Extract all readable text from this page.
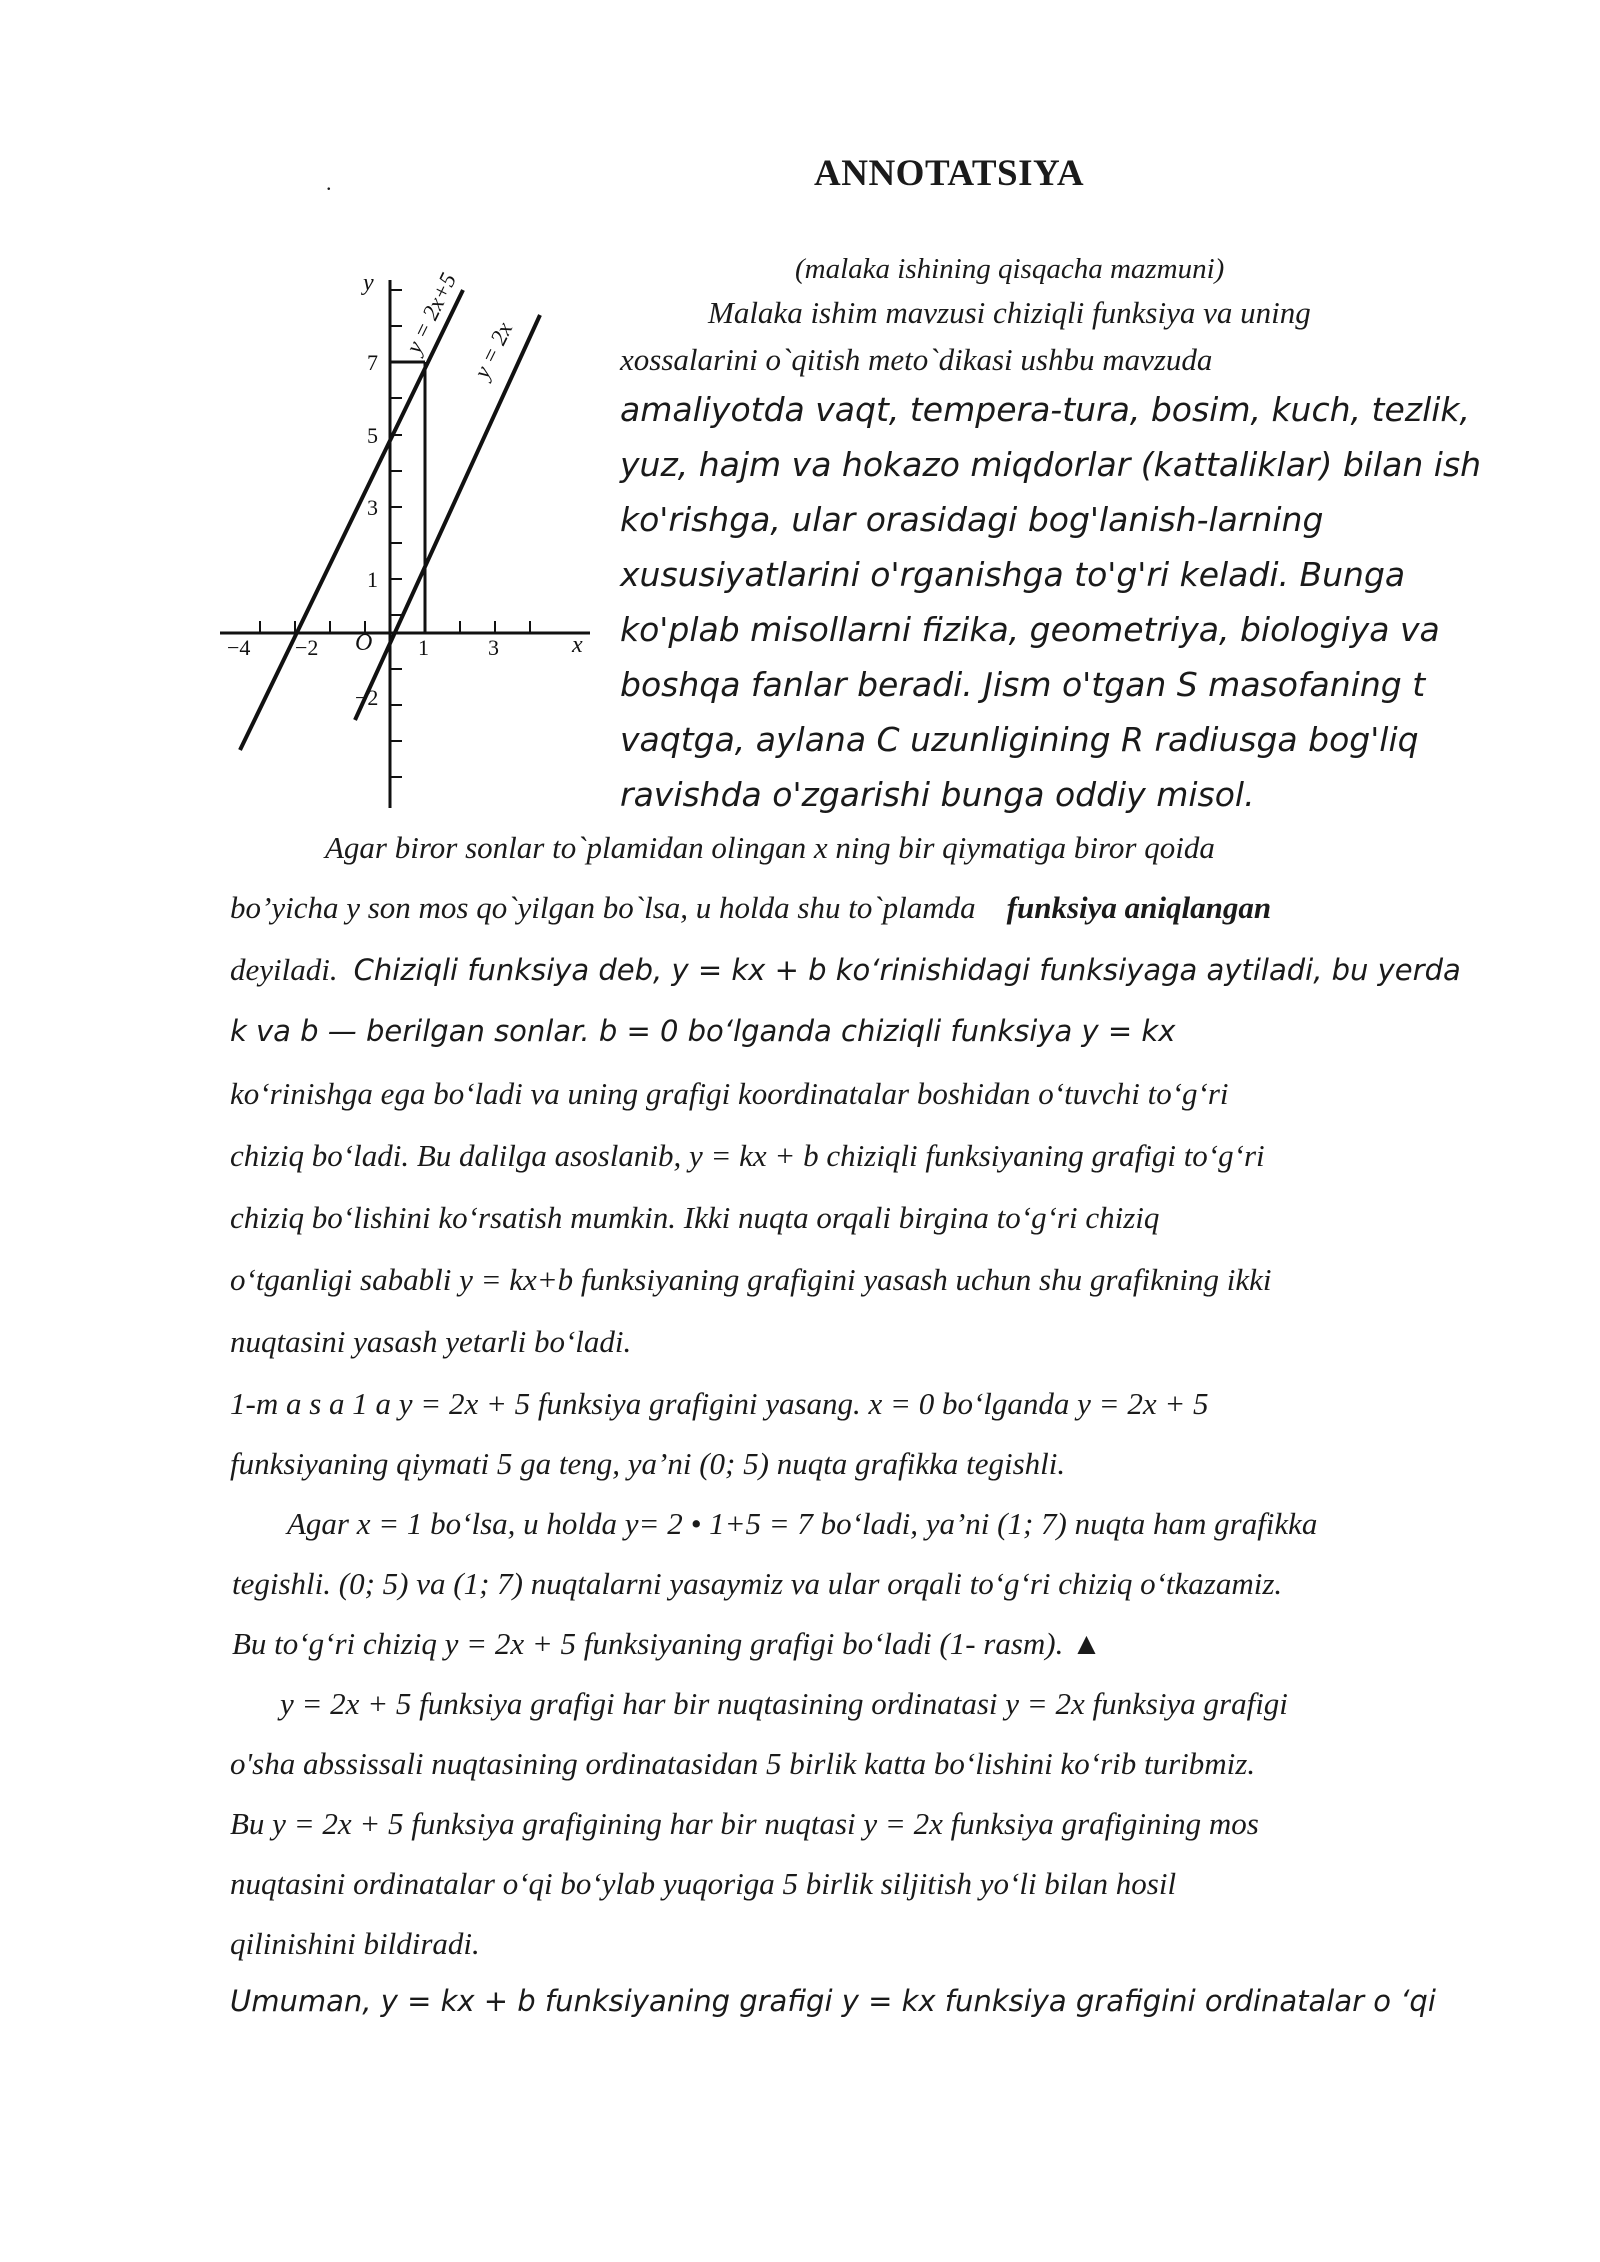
.	ANNOTATSIYA
(malaka ishining qisqacha mazmuni)
y
x
O
7
5
3
1
−2
−4 −2	1	3
y = 2x+5 y = 2x
Malaka ishim mavzusi chiziqli funksiya va uning
xossalarini o`qitish meto`dikasi ushbu mavzuda
amaliyotda vaqt, tempera-tura, bosim, kuch, tezlik,
yuz, hajm va hokazo miqdorlar (kattaliklar) bilan ish
ko'rishga, ular orasidagi bog'lanish-larning
xususiyatlarini o'rganishga to'g'ri keladi. Bunga
ko'plab misollarni fizika, geometriya, biologiya va
boshqa fanlar beradi. Jism o'tgan S masofaning t
vaqtga, aylana C uzunligining R radiusga bog'liq
ravishda o'zgarishi bunga oddiy misol.
Agar biror sonlar to`plamidan olingan x ning bir qiymatiga biror qoida
bo’yicha y son mos qo`yilgan bo`lsa, u holda shu to`plamda funksiya aniqlangan
deyiladi. Chiziqli funksiya deb, y = kx + b ko‘rinishidagi funksiyaga aytiladi, bu yerda
k va b — berilgan sonlar. b = 0 bo‘lganda chiziqli funksiya y = kx
ko‘rinishga ega bo‘ladi va uning grafigi koordinatalar boshidan o‘tuvchi to‘g‘ri
chiziq bo‘ladi. Bu dalilga asoslanib, y = kx + b chiziqli funksiyaning grafigi to‘g‘ri
chiziq bo‘lishini ko‘rsatish mumkin. Ikki nuqta orqali birgina to‘g‘ri chiziq
o‘tganligi sababli y = kx+b funksiyaning grafigini yasash uchun shu grafikning ikki
nuqtasini yasash yetarli bo‘ladi.
1-m a s a 1 a y = 2x + 5 funksiya grafigini yasang. x = 0 bo‘lganda y = 2x + 5
funksiyaning qiymati 5 ga teng, ya’ni (0; 5) nuqta grafikka tegishli.
Agar x = 1 bo‘lsa, u holda y= 2 • 1+5 = 7 bo‘ladi, ya’ni (1; 7) nuqta ham grafikka
tegishli. (0; 5) va (1; 7) nuqtalarni yasaymiz va ular orqali to‘g‘ri chiziq o‘tkazamiz.
Bu to‘g‘ri chiziq y = 2x + 5 funksiyaning grafigi bo‘ladi (1- rasm). ▲
y = 2x + 5 funksiya grafigi har bir nuqtasining ordinatasi y = 2x funksiya grafigi
o'sha abssissali nuqtasining ordinatasidan 5 birlik katta bo‘lishini ko‘rib turibmiz.
Bu y = 2x + 5 funksiya grafigining har bir nuqtasi y = 2x funksiya grafigining mos
nuqtasini ordinatalar o‘qi bo‘ylab yuqoriga 5 birlik siljitish yo‘li bilan hosil
qilinishini bildiradi.
Umuman, y = kx + b funksiyaning grafigi y = kx funksiya grafigini ordinatalar o ‘qi
